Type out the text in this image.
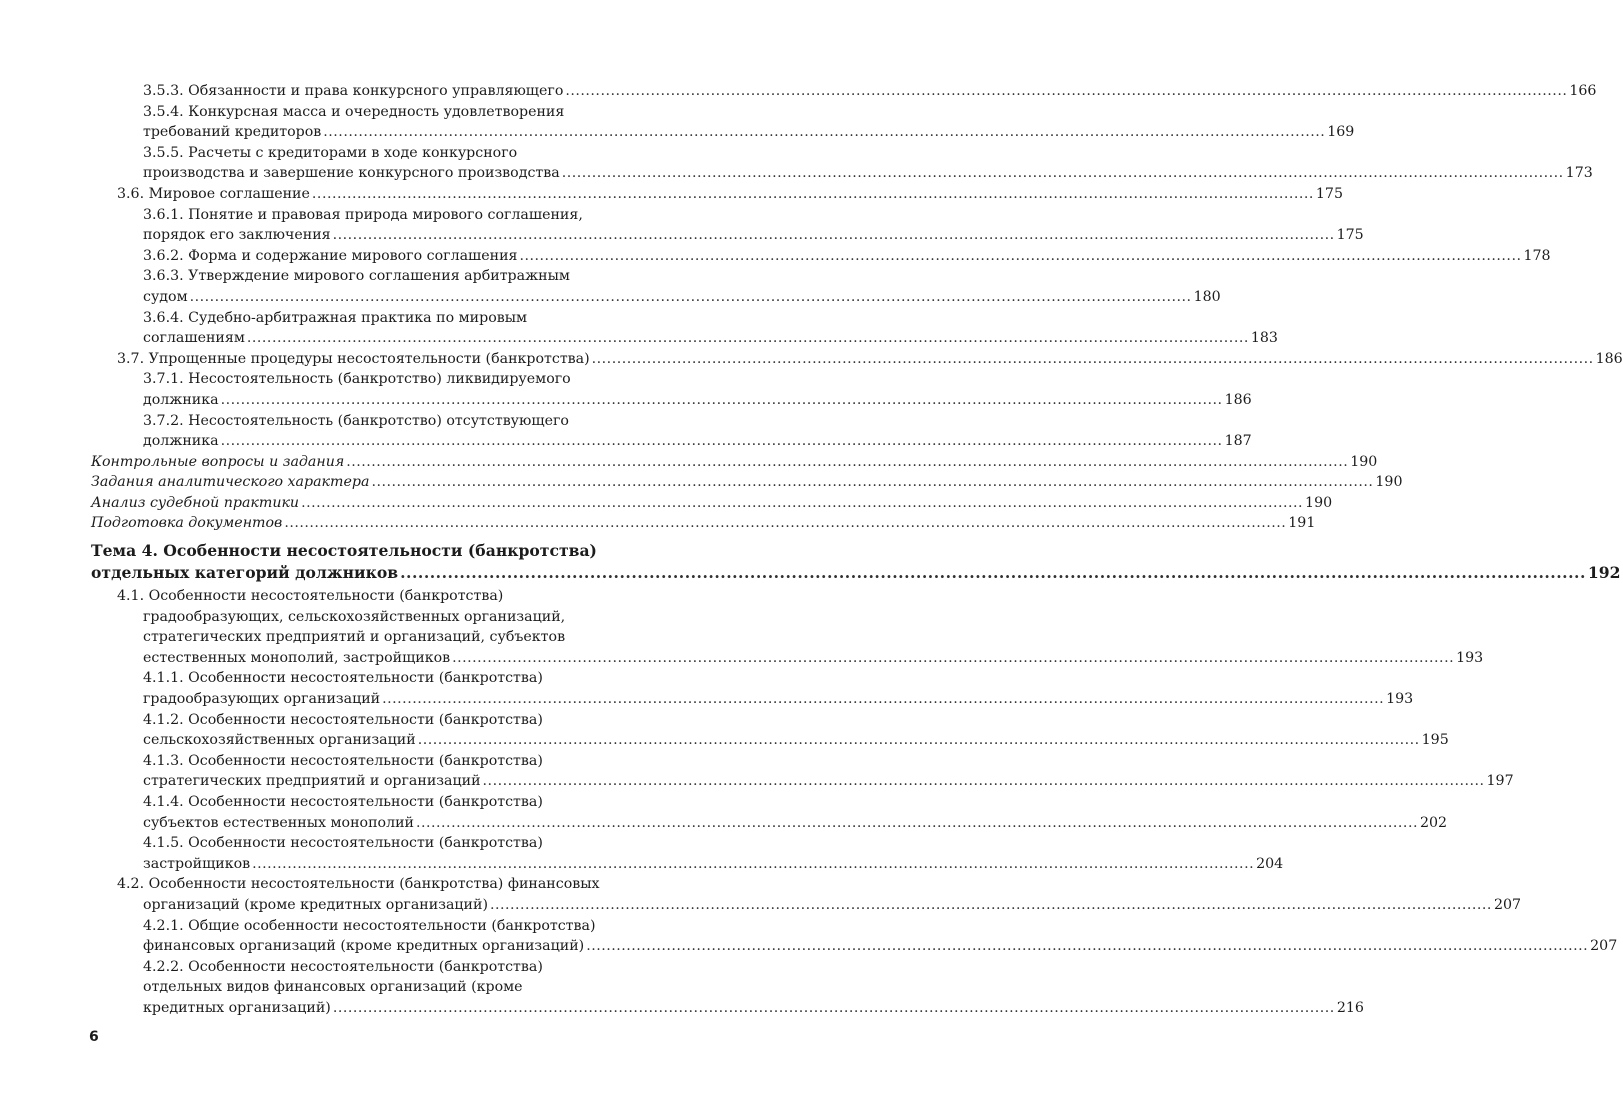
3.5.3. Обязанности и права конкурсного управляющего ........................................................................................................................................................................................................ 166
3.5.4. Конкурсная масса и очередность удовлетворения
требований кредиторов ........................................................................................................................................................................................................ 169
3.5.5. Расчеты с кредиторами в ходе конкурсного
производства и завершение конкурсного производства ........................................................................................................................................................................................................ 173
3.6. Мировое соглашение ........................................................................................................................................................................................................ 175
3.6.1. Понятие и правовая природа мирового соглашения,
порядок его заключения ........................................................................................................................................................................................................ 175
3.6.2. Форма и содержание мирового соглашения ........................................................................................................................................................................................................ 178
3.6.3. Утверждение мирового соглашения арбитражным
судом ........................................................................................................................................................................................................ 180
3.6.4. Судебно-арбитражная практика по мировым
соглашениям ........................................................................................................................................................................................................ 183
3.7. Упрощенные процедуры несостоятельности (банкротства) ........................................................................................................................................................................................................ 186
3.7.1. Несостоятельность (банкротство) ликвидируемого
должника ........................................................................................................................................................................................................ 186
3.7.2. Несостоятельность (банкротство) отсутствующего
должника ........................................................................................................................................................................................................ 187
Контрольные вопросы и задания ........................................................................................................................................................................................................ 190
Задания аналитического характера ........................................................................................................................................................................................................ 190
Анализ судебной практики ........................................................................................................................................................................................................ 190
Подготовка документов ........................................................................................................................................................................................................ 191
Тема 4. Особенности несостоятельности (банкротства)
отдельных категорий должников ........................................................................................................................................................................................................ 192
4.1. Особенности несостоятельности (банкротства)
градообразующих, сельскохозяйственных организаций,
стратегических предприятий и организаций, субъектов
естественных монополий, застройщиков ........................................................................................................................................................................................................ 193
4.1.1. Особенности несостоятельности (банкротства)
градообразующих организаций ........................................................................................................................................................................................................ 193
4.1.2. Особенности несостоятельности (банкротства)
сельскохозяйственных организаций ........................................................................................................................................................................................................ 195
4.1.3. Особенности несостоятельности (банкротства)
стратегических предприятий и организаций ........................................................................................................................................................................................................ 197
4.1.4. Особенности несостоятельности (банкротства)
субъектов естественных монополий ........................................................................................................................................................................................................ 202
4.1.5. Особенности несостоятельности (банкротства)
застройщиков ........................................................................................................................................................................................................ 204
4.2. Особенности несостоятельности (банкротства) финансовых
организаций (кроме кредитных организаций) ........................................................................................................................................................................................................ 207
4.2.1. Общие особенности несостоятельности (банкротства)
финансовых организаций (кроме кредитных организаций) ........................................................................................................................................................................................................ 207
4.2.2. Особенности несостоятельности (банкротства)
отдельных видов финансовых организаций (кроме
кредитных организаций) ........................................................................................................................................................................................................ 216
6
